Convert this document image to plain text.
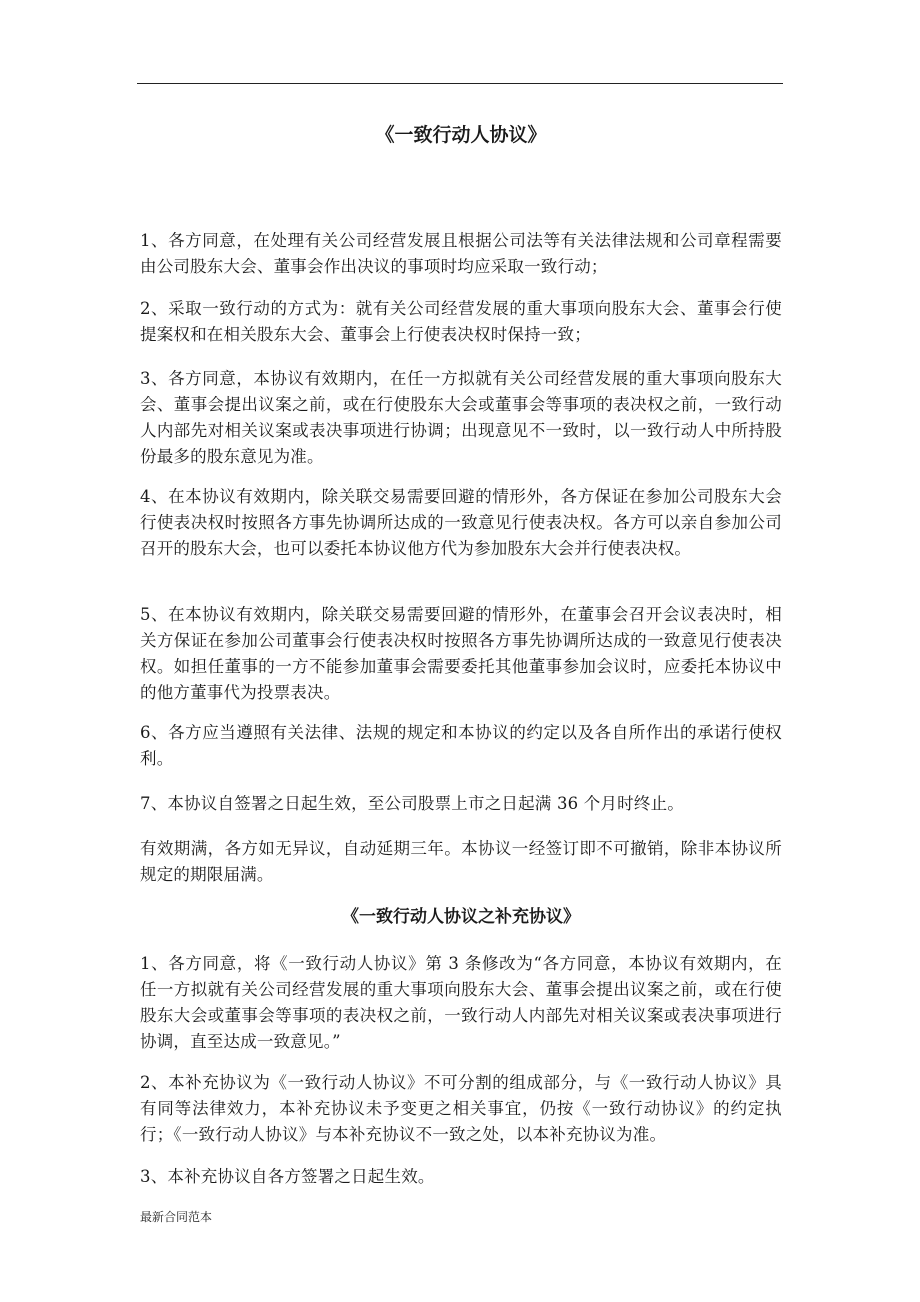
《一致行动人协议》

1、各方同意，在处理有关公司经营发展且根据公司法等有关法律法规和公司章程需要由公司股东大会、董事会作出决议的事项时均应采取一致行动；

2、采取一致行动的方式为：就有关公司经营发展的重大事项向股东大会、董事会行使提案权和在相关股东大会、董事会上行使表决权时保持一致；

3、各方同意，本协议有效期内，在任一方拟就有关公司经营发展的重大事项向股东大会、董事会提出议案之前，或在行使股东大会或董事会等事项的表决权之前，一致行动人内部先对相关议案或表决事项进行协调；出现意见不一致时，以一致行动人中所持股份最多的股东意见为准。

4、在本协议有效期内，除关联交易需要回避的情形外，各方保证在参加公司股东大会行使表决权时按照各方事先协调所达成的一致意见行使表决权。各方可以亲自参加公司召开的股东大会，也可以委托本协议他方代为参加股东大会并行使表决权。

5、在本协议有效期内，除关联交易需要回避的情形外，在董事会召开会议表决时，相关方保证在参加公司董事会行使表决权时按照各方事先协调所达成的一致意见行使表决权。如担任董事的一方不能参加董事会需要委托其他董事参加会议时，应委托本协议中的他方董事代为投票表决。

6、各方应当遵照有关法律、法规的规定和本协议的约定以及各自所作出的承诺行使权利。

7、本协议自签署之日起生效，至公司股票上市之日起满 36 个月时终止。

有效期满，各方如无异议，自动延期三年。本协议一经签订即不可撤销，除非本协议所规定的期限届满。

《一致行动人协议之补充协议》

1、各方同意，将《一致行动人协议》第 3 条修改为“各方同意，本协议有效期内，在任一方拟就有关公司经营发展的重大事项向股东大会、董事会提出议案之前，或在行使股东大会或董事会等事项的表决权之前，一致行动人内部先对相关议案或表决事项进行协调，直至达成一致意见。”

2、本补充协议为《一致行动人协议》不可分割的组成部分，与《一致行动人协议》具有同等法律效力，本补充协议未予变更之相关事宜，仍按《一致行动协议》的约定执行；《一致行动人协议》与本补充协议不一致之处，以本补充协议为准。

3、本补充协议自各方签署之日起生效。

最新合同范本
